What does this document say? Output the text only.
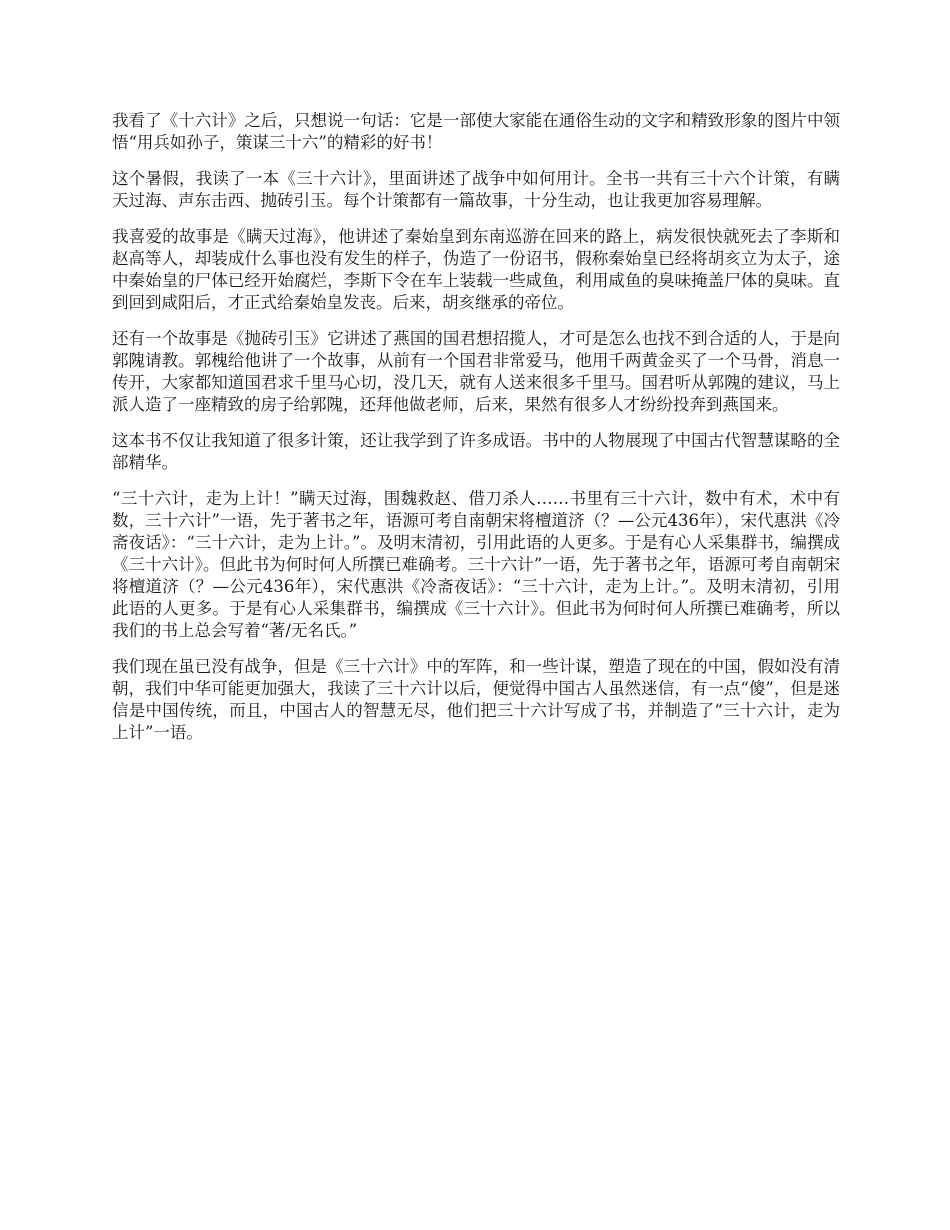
我看了《十六计》之后，只想说一句话：它是一部使大家能在通俗生动的文字和精致形象的图片中领悟“用兵如孙子，策谋三十六”的精彩的好书！

这个暑假，我读了一本《三十六计》，里面讲述了战争中如何用计。全书一共有三十六个计策，有瞒天过海、声东击西、抛砖引玉。每个计策都有一篇故事，十分生动，也让我更加容易理解。

我喜爱的故事是《瞒天过海》，他讲述了秦始皇到东南巡游在回来的路上，病发很快就死去了李斯和赵高等人，却装成什么事也没有发生的样子，伪造了一份诏书，假称秦始皇已经将胡亥立为太子，途中秦始皇的尸体已经开始腐烂，李斯下令在车上装载一些咸鱼，利用咸鱼的臭味掩盖尸体的臭味。直到回到咸阳后，才正式给秦始皇发丧。后来，胡亥继承的帝位。

还有一个故事是《抛砖引玉》它讲述了燕国的国君想招揽人，才可是怎么也找不到合适的人，于是向郭隗请教。郭槐给他讲了一个故事，从前有一个国君非常爱马，他用千两黄金买了一个马骨，消息一传开，大家都知道国君求千里马心切，没几天，就有人送来很多千里马。国君听从郭隗的建议，马上派人造了一座精致的房子给郭隗，还拜他做老师，后来，果然有很多人才纷纷投奔到燕国来。

这本书不仅让我知道了很多计策，还让我学到了许多成语。书中的人物展现了中国古代智慧谋略的全部精华。

“三十六计，走为上计！”瞒天过海，围魏救赵、借刀杀人……书里有三十六计，数中有术，术中有数，三十六计”一语，先于著书之年，语源可考自南朝宋将檀道济（？—公元436年），宋代惠洪《冷斋夜话》：“三十六计，走为上计。”。及明末清初，引用此语的人更多。于是有心人采集群书，编撰成《三十六计》。但此书为何时何人所撰已难确考。三十六计”一语，先于著书之年，语源可考自南朝宋将檀道济（？—公元436年），宋代惠洪《冷斋夜话》：“三十六计，走为上计。”。及明末清初，引用此语的人更多。于是有心人采集群书，编撰成《三十六计》。但此书为何时何人所撰已难确考，所以我们的书上总会写着“著/无名氏。”

我们现在虽已没有战争，但是《三十六计》中的军阵，和一些计谋，塑造了现在的中国，假如没有清朝，我们中华可能更加强大，我读了三十六计以后，便觉得中国古人虽然迷信，有一点“傻”，但是迷信是中国传统，而且，中国古人的智慧无尽，他们把三十六计写成了书，并制造了“三十六计，走为上计”一语。
